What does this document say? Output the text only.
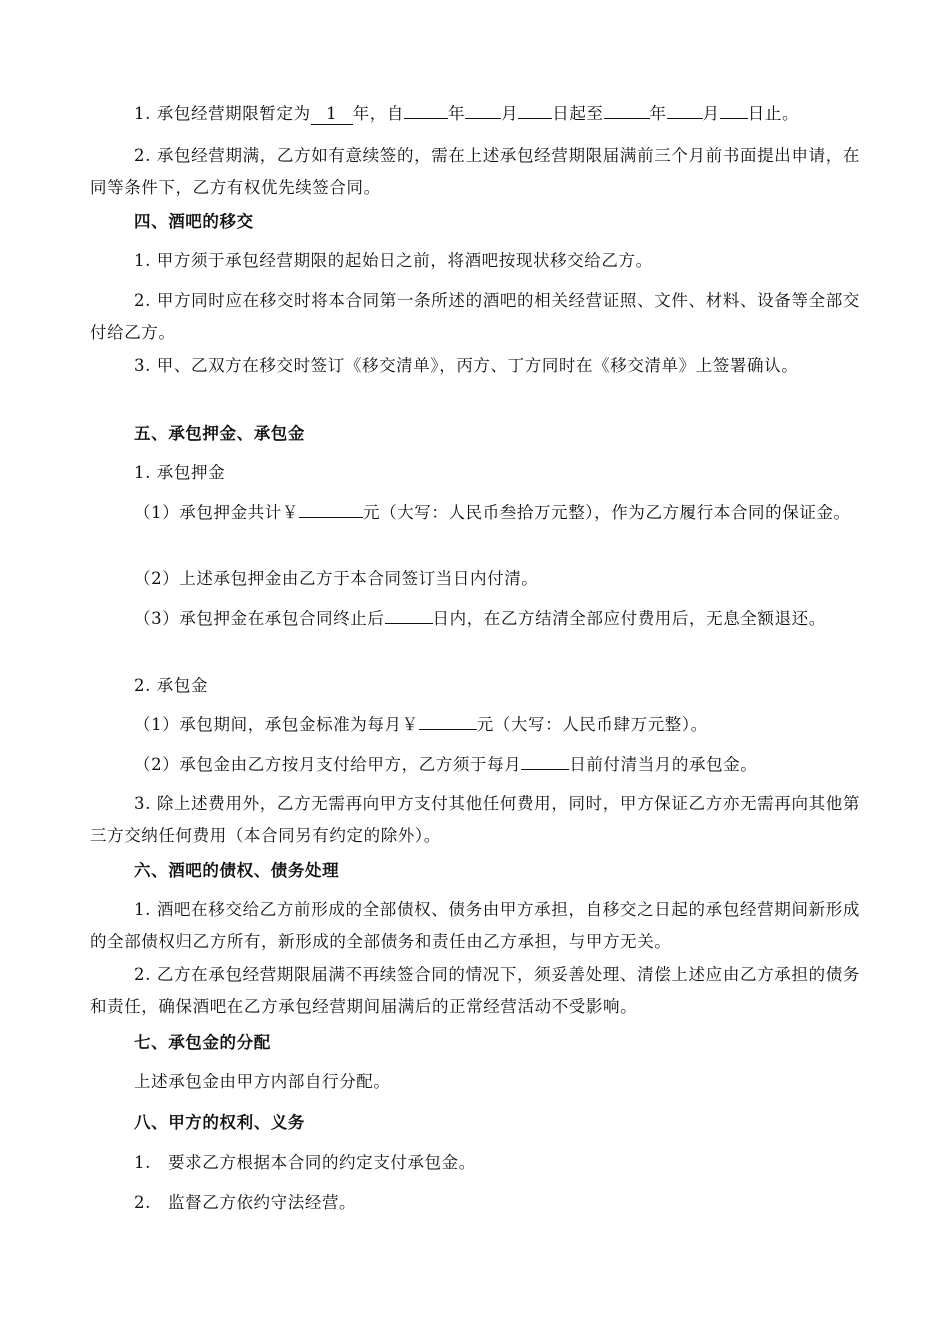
1. 承包经营期限暂定为 1 年，自	年 月 日起至	年 月 日止。

2. 承包经营期满，乙方如有意续签的，需在上述承包经营期限届满前三个月前书面提出申请，在同等条件下，乙方有权优先续签合同。

四、酒吧的移交

1. 甲方须于承包经营期限的起始日之前，将酒吧按现状移交给乙方。

2. 甲方同时应在移交时将本合同第一条所述的酒吧的相关经营证照、文件、材料、设备等全部交付给乙方。

3. 甲、乙双方在移交时签订《移交清单》，丙方、丁方同时在《移交清单》上签署确认。

五、承包押金、承包金

1. 承包押金

（1）承包押金共计￥	元（大写：人民币叁拾万元整），作为乙方履行本合同的保证金。

（2）上述承包押金由乙方于本合同签订当日内付清。

（3）承包押金在承包合同终止后	日内，在乙方结清全部应付费用后，无息全额退还。

2. 承包金

（1）承包期间，承包金标准为每月￥	元（大写：人民币肆万元整）。

（2）承包金由乙方按月支付给甲方，乙方须于每月	日前付清当月的承包金。

3. 除上述费用外，乙方无需再向甲方支付其他任何费用，同时，甲方保证乙方亦无需再向其他第三方交纳任何费用（本合同另有约定的除外）。

六、酒吧的债权、债务处理

1. 酒吧在移交给乙方前形成的全部债权、债务由甲方承担，自移交之日起的承包经营期间新形成的全部债权归乙方所有，新形成的全部债务和责任由乙方承担，与甲方无关。

2. 乙方在承包经营期限届满不再续签合同的情况下，须妥善处理、清偿上述应由乙方承担的债务和责任，确保酒吧在乙方承包经营期间届满后的正常经营活动不受影响。

七、承包金的分配

上述承包金由甲方内部自行分配。

八、甲方的权利、义务

1.　要求乙方根据本合同的约定支付承包金。

2.　监督乙方依约守法经营。
